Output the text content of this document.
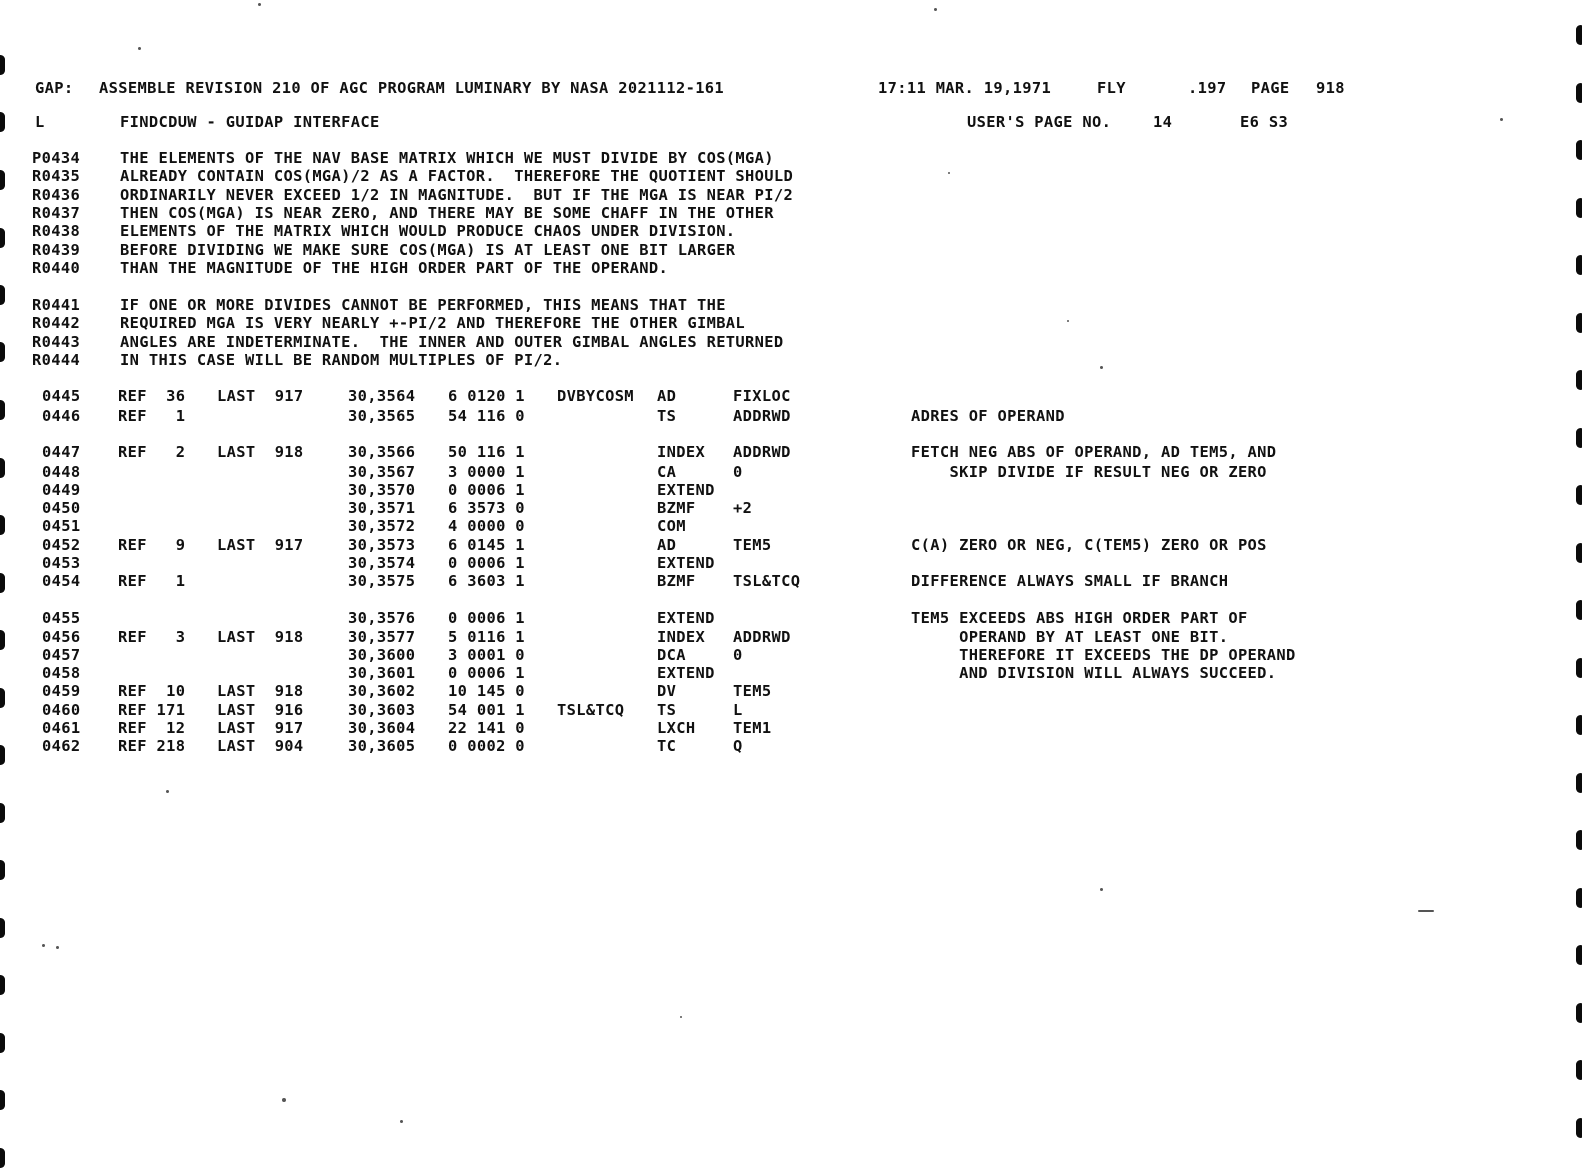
GAP: ASSEMBLE REVISION 210 OF AGC PROGRAM LUMINARY BY NASA 2021112-161	17:11 MAR. 19,1971	FLY	.197 PAGE 918
L	FINDCDUW - GUIDAP INTERFACE	USER'S PAGE NO.	14	E6 S3
P0434	THE ELEMENTS OF THE NAV BASE MATRIX WHICH WE MUST DIVIDE BY COS(MGA)
R0435	ALREADY CONTAIN COS(MGA)/2 AS A FACTOR.  THEREFORE THE QUOTIENT SHOULD
R0436	ORDINARILY NEVER EXCEED 1/2 IN MAGNITUDE.  BUT IF THE MGA IS NEAR PI/2
R0437	THEN COS(MGA) IS NEAR ZERO, AND THERE MAY BE SOME CHAFF IN THE OTHER
R0438	ELEMENTS OF THE MATRIX WHICH WOULD PRODUCE CHAOS UNDER DIVISION.
R0439	BEFORE DIVIDING WE MAKE SURE COS(MGA) IS AT LEAST ONE BIT LARGER
R0440	THAN THE MAGNITUDE OF THE HIGH ORDER PART OF THE OPERAND.
R0441	IF ONE OR MORE DIVIDES CANNOT BE PERFORMED, THIS MEANS THAT THE
R0442	REQUIRED MGA IS VERY NEARLY +-PI/2 AND THEREFORE THE OTHER GIMBAL
R0443	ANGLES ARE INDETERMINATE.  THE INNER AND OUTER GIMBAL ANGLES RETURNED
R0444	IN THIS CASE WILL BE RANDOM MULTIPLES OF PI/2.
0445 REF  36 LAST  917	30,3564 6 0120 1 DVBYCOSM AD	FIXLOC
0446 REF   1	30,3565 54 116 0	TS	ADDRWD	ADRES OF OPERAND
0447 REF   2 LAST  918	30,3566 50 116 1	INDEX ADDRWD	FETCH NEG ABS OF OPERAND, AD TEM5, AND
0448	30,3567 3 0000 1	CA	0	SKIP DIVIDE IF RESULT NEG OR ZERO
0449	30,3570 0 0006 1	EXTEND
0450	30,3571 6 3573 0	BZMF +2
0451	30,3572 4 0000 0	COM
0452 REF   9 LAST  917	30,3573 6 0145 1	AD	TEM5	C(A) ZERO OR NEG, C(TEM5) ZERO OR POS
0453	30,3574 0 0006 1	EXTEND
0454 REF   1	30,3575 6 3603 1	BZMF TSL&TCQ	DIFFERENCE ALWAYS SMALL IF BRANCH
0455	30,3576 0 0006 1	EXTEND	TEM5 EXCEEDS ABS HIGH ORDER PART OF
0456 REF   3 LAST  918	30,3577 5 0116 1	INDEX ADDRWD	OPERAND BY AT LEAST ONE BIT.
0457	30,3600 3 0001 0	DCA	0	THEREFORE IT EXCEEDS THE DP OPERAND
0458	30,3601 0 0006 1	EXTEND	AND DIVISION WILL ALWAYS SUCCEED.
0459 REF  10 LAST  918	30,3602 10 145 0	DV	TEM5
0460 REF 171 LAST  916	30,3603 54 001 1 TSL&TCQ TS	L
0461 REF  12 LAST  917	30,3604 22 141 0	LXCH TEM1
0462 REF 218 LAST  904	30,3605 0 0002 0	TC	Q
